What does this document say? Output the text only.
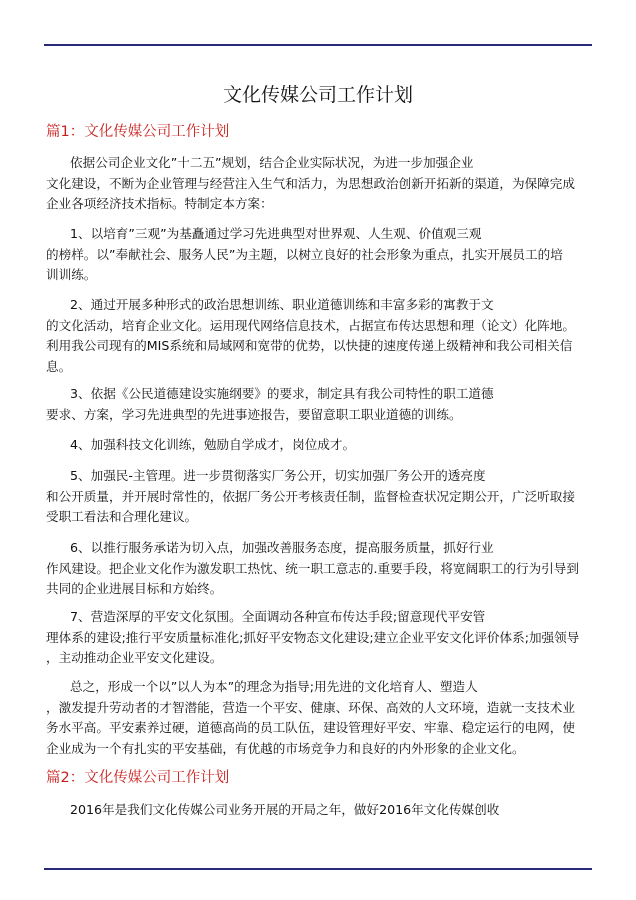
文化传媒公司工作计划
篇1：文化传媒公司工作计划

依据公司企业文化”十二五”规划，结合企业实际状况，为进一步加强企业
文化建设，不断为企业管理与经营注入生气和活力，为思想政治创新开拓新的渠道，为保障完成
企业各项经济技术指标。特制定本方案：

1、以培育”三观”为基矗通过学习先进典型对世界观、人生观、价值观三观
的榜样。以”奉献社会、服务人民”为主题，以树立良好的社会形象为重点，扎实开展员工的培
训训练。

2、通过开展多种形式的政治思想训练、职业道德训练和丰富多彩的寓教于文
的文化活动，培育企业文化。运用现代网络信息技术，占据宣布传达思想和理（论文）化阵地。
利用我公司现有的MIS系统和局域网和宽带的优势，以快捷的速度传递上级精神和我公司相关信
息。

3、依据《公民道德建设实施纲要》的要求，制定具有我公司特性的职工道德
要求、方案，学习先进典型的先进事迹报告，要留意职工职业道德的训练。

4、加强科技文化训练，勉励自学成才，岗位成才。

5、加强民-主管理。进一步贯彻落实厂务公开，切实加强厂务公开的透亮度
和公开质量，并开展时常性的，依据厂务公开考核责任制，监督检查状况定期公开，广泛听取接
受职工看法和合理化建议。

6、以推行服务承诺为切入点，加强改善服务态度，提高服务质量，抓好行业
作风建设。把企业文化作为激发职工热忱、统一职工意志的.重要手段，将宽阔职工的行为引导到
共同的企业进展目标和方始终。

7、营造深厚的平安文化氛围。全面调动各种宣布传达手段;留意现代平安管
理体系的建设;推行平安质量标准化;抓好平安物态文化建设;建立企业平安文化评价体系;加强领导
，主动推动企业平安文化建设。

总之，形成一个以”以人为本”的理念为指导;用先进的文化培育人、塑造人
，激发提升劳动者的才智潜能，营造一个平安、健康、环保、高效的人文环境，造就一支技术业
务水平高。平安素养过硬，道德高尚的员工队伍，建设管理好平安、牢靠、稳定运行的电网，使
企业成为一个有扎实的平安基础，有优越的市场竞争力和良好的内外形象的企业文化。

篇2：文化传媒公司工作计划

2016年是我们文化传媒公司业务开展的开局之年，做好2016年文化传媒创收
